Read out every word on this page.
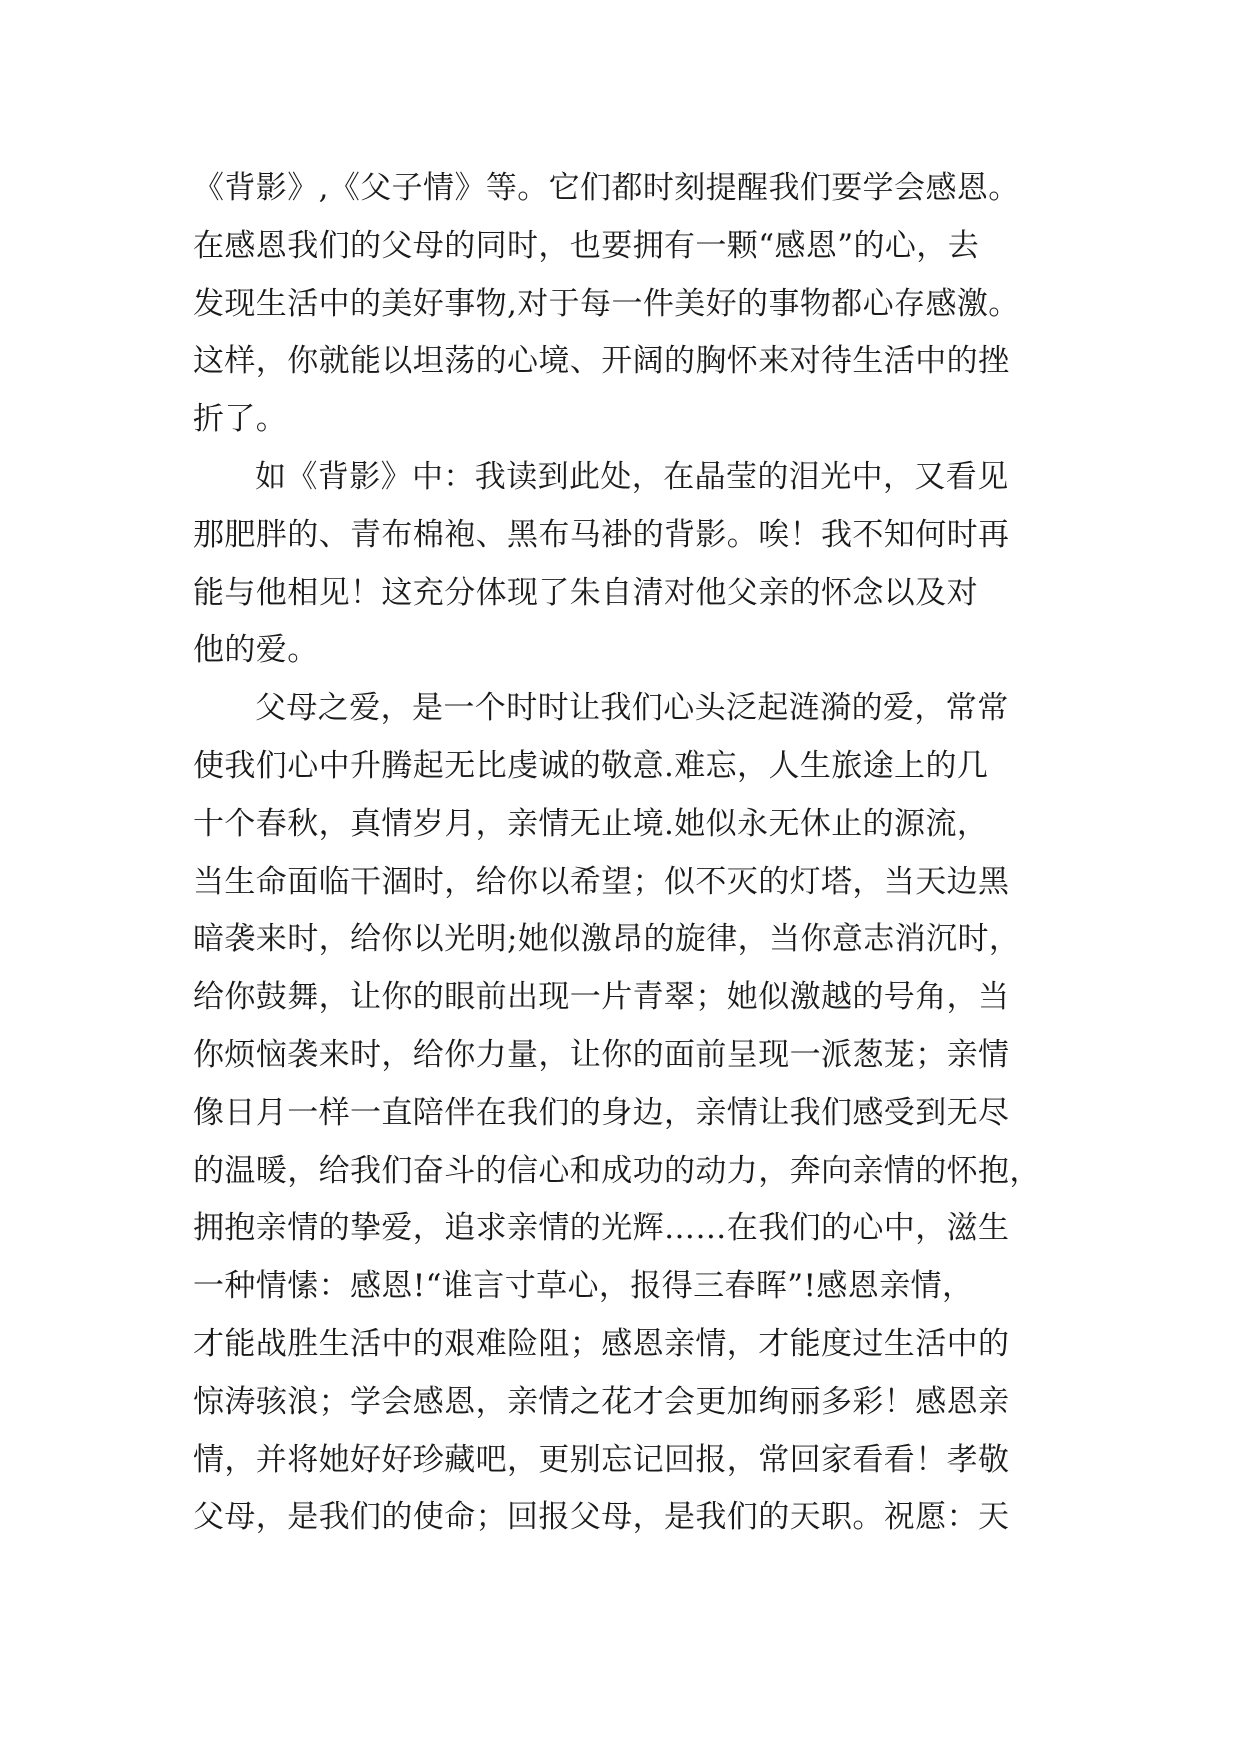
《背影》,《父子情》等。它们都时刻提醒我们要学会感恩。
在感恩我们的父母的同时，也要拥有一颗“感恩”的心，去
发现生活中的美好事物,对于每一件美好的事物都心存感激。
这样，你就能以坦荡的心境、开阔的胸怀来对待生活中的挫
折了。
如《背影》中：我读到此处，在晶莹的泪光中，又看见
那肥胖的、青布棉袍、黑布马褂的背影。唉！我不知何时再
能与他相见！这充分体现了朱自清对他父亲的怀念以及对
他的爱。
父母之爱，是一个时时让我们心头泛起涟漪的爱，常常
使我们心中升腾起无比虔诚的敬意.难忘，人生旅途上的几
十个春秋，真情岁月，亲情无止境.她似永无休止的源流，
当生命面临干涸时，给你以希望；似不灭的灯塔，当天边黑
暗袭来时，给你以光明;她似激昂的旋律，当你意志消沉时，
给你鼓舞，让你的眼前出现一片青翠；她似激越的号角，当
你烦恼袭来时，给你力量，让你的面前呈现一派葱茏；亲情
像日月一样一直陪伴在我们的身边，亲情让我们感受到无尽
的温暖，给我们奋斗的信心和成功的动力，奔向亲情的怀抱，
拥抱亲情的挚爱，追求亲情的光辉……在我们的心中，滋生
一种情愫：感恩!“谁言寸草心，报得三春晖”!感恩亲情，
才能战胜生活中的艰难险阻；感恩亲情，才能度过生活中的
惊涛骇浪；学会感恩，亲情之花才会更加绚丽多彩！感恩亲
情，并将她好好珍藏吧，更别忘记回报，常回家看看！孝敬
父母，是我们的使命；回报父母，是我们的天职。祝愿：天
